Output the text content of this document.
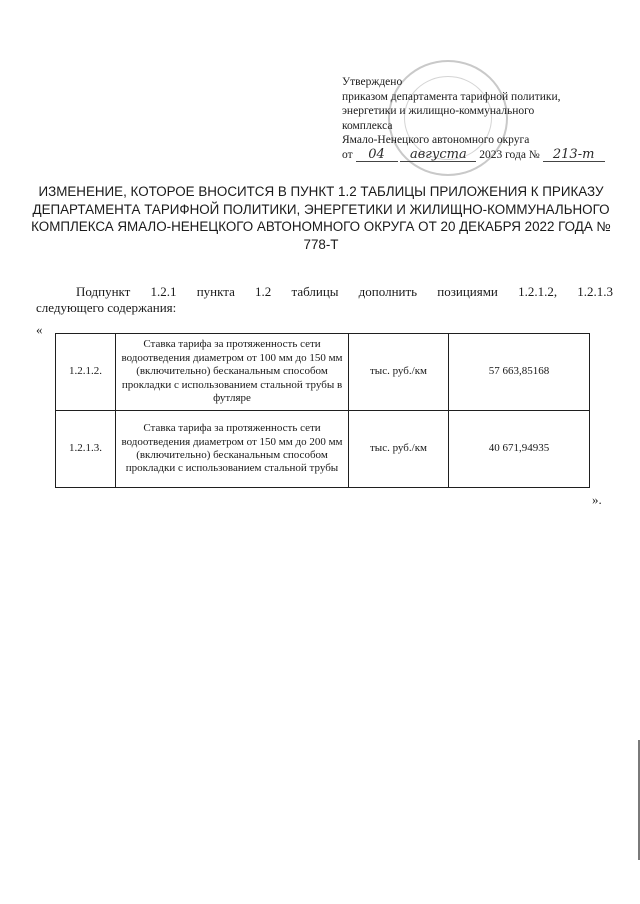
Утверждено
приказом департамента тарифной политики,
энергетики и жилищно-коммунального
комплекса
Ямало-Ненецкого автономного округа
от 04 августа 2023 года № 213-т
ИЗМЕНЕНИЕ, КОТОРОЕ ВНОСИТСЯ В ПУНКТ 1.2 ТАБЛИЦЫ ПРИЛОЖЕНИЯ К ПРИКАЗУ ДЕПАРТАМЕНТА ТАРИФНОЙ ПОЛИТИКИ, ЭНЕРГЕТИКИ И ЖИЛИЩНО-КОММУНАЛЬНОГО КОМПЛЕКСА ЯМАЛО-НЕНЕЦКОГО АВТОНОМНОГО ОКРУГА ОТ 20 ДЕКАБРЯ 2022 ГОДА № 778-Т
Подпункт 1.2.1 пункта 1.2 таблицы дополнить позициями 1.2.1.2, 1.2.1.3
следующего содержания:
«
1.2.1.2.	Ставка тарифа за протяженность сети водоотведения диаметром от 100 мм до 150 мм (включительно) бесканальным способом прокладки с использованием стальной трубы в футляре	тыс. руб./км	57 663,85168
1.2.1.3.	Ставка тарифа за протяженность сети водоотведения диаметром от 150 мм до 200 мм (включительно) бесканальным способом прокладки с использованием стальной трубы	тыс. руб./км	40 671,94935
».
